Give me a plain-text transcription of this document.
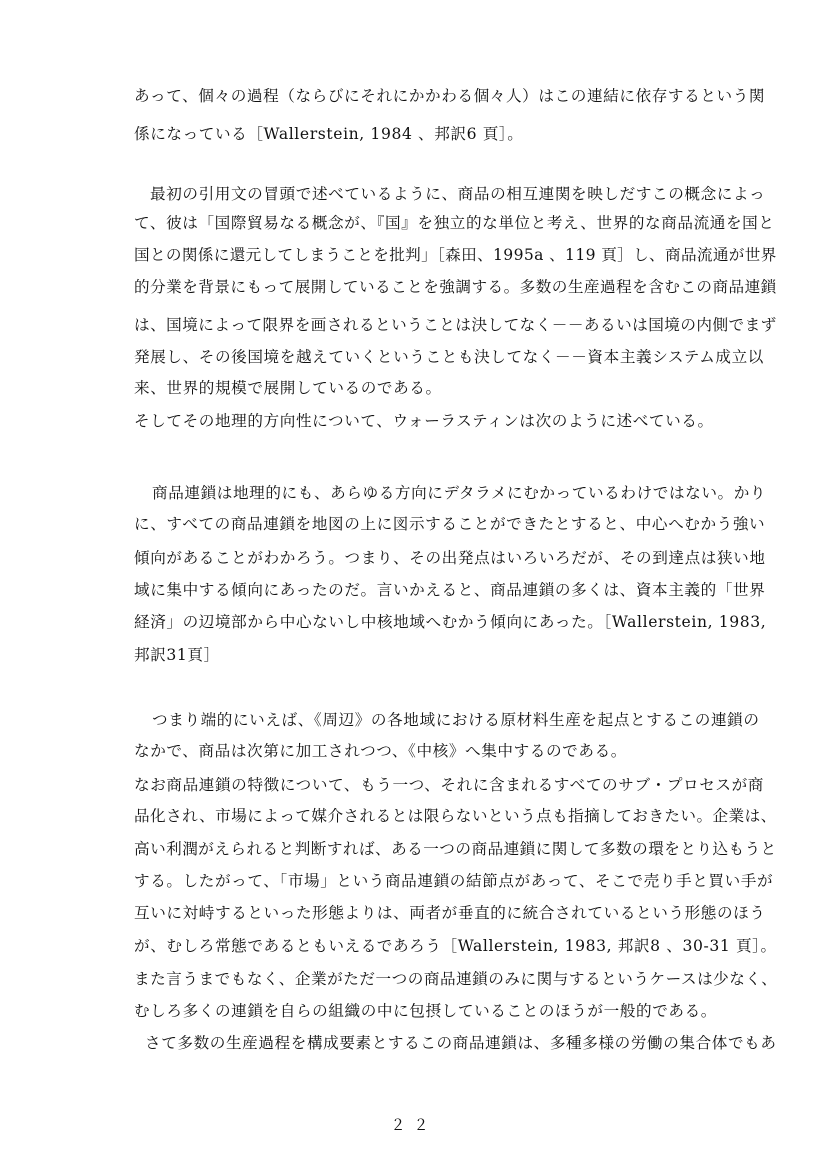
あって、個々の過程（ならびにそれにかかわる個々人）はこの連結に依存するという関
係になっている［Wallerstein, 1984 、邦訳6 頁］。
最初の引用文の冒頭で述べているように、商品の相互連関を映しだすこの概念によっ
て、彼は「国際貿易なる概念が、『国』を独立的な単位と考え、世界的な商品流通を国と
国との関係に還元してしまうことを批判」［森田、1995a 、119 頁］し、商品流通が世界
的分業を背景にもって展開していることを強調する。多数の生産過程を含むこの商品連鎖
は、国境によって限界を画されるということは決してなく－－あるいは国境の内側でまず
発展し、その後国境を越えていくということも決してなく－－資本主義システム成立以
来、世界的規模で展開しているのである。
そしてその地理的方向性について、ウォーラスティンは次のように述べている。
商品連鎖は地理的にも、あらゆる方向にデタラメにむかっているわけではない。かり
に、すべての商品連鎖を地図の上に図示することができたとすると、中心へむかう強い
傾向があることがわかろう。つまり、その出発点はいろいろだが、その到達点は狭い地
域に集中する傾向にあったのだ。言いかえると、商品連鎖の多くは、資本主義的「世界
経済」の辺境部から中心ないし中核地域へむかう傾向にあった。［Wallerstein, 1983,
邦訳31頁］
つまり端的にいえば、《周辺》の各地域における原材料生産を起点とするこの連鎖の
なかで、商品は次第に加工されつつ、《中核》へ集中するのである。
なお商品連鎖の特徴について、もう一つ、それに含まれるすべてのサブ・プロセスが商
品化され、市場によって媒介されるとは限らないという点も指摘しておきたい。企業は、
高い利潤がえられると判断すれば、ある一つの商品連鎖に関して多数の環をとり込もうと
する。したがって、「市場」という商品連鎖の結節点があって、そこで売り手と買い手が
互いに対峙するといった形態よりは、両者が垂直的に統合されているという形態のほう
が、むしろ常態であるともいえるであろう［Wallerstein, 1983, 邦訳8 、30-31 頁］。
また言うまでもなく、企業がただ一つの商品連鎖のみに関与するというケースは少なく、
むしろ多くの連鎖を自らの組織の中に包摂していることのほうが一般的である。
さて多数の生産過程を構成要素とするこの商品連鎖は、多種多様の労働の集合体でもあ
２２
